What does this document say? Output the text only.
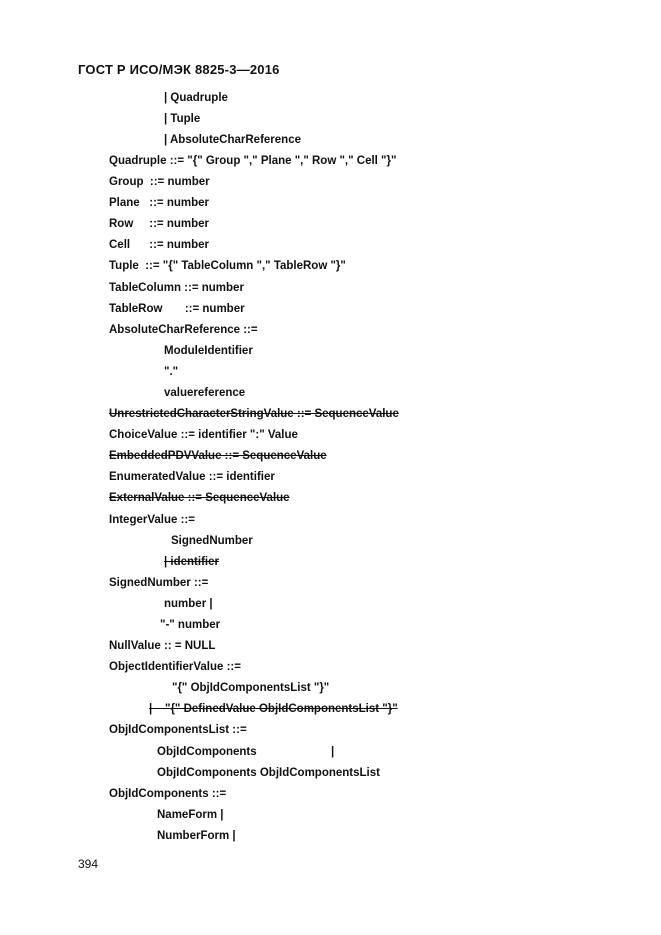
ГОСТ Р ИСО/МЭК 8825-3—2016
| Quadruple
| Tuple
| AbsoluteCharReference
Quadruple ::= "{" Group "," Plane "," Row "," Cell "}"
Group  ::= number
Plane   ::= number
Row     ::= number
Cell      ::= number
Tuple  ::= "{" TableColumn "," TableRow "}"
TableColumn ::= number
TableRow       ::= number
AbsoluteCharReference ::=
ModuleIdentifier
"."
valuereference
UnrestrictedCharacterStringValue ::= SequenceValue
ChoiceValue ::= identifier ":" Value
EmbeddedPDVValue ::= SequenceValue
EnumeratedValue ::= identifier
ExternalValue ::= SequenceValue
IntegerValue ::=
SignedNumber
| identifier
SignedNumber ::=
number |
"-" number
NullValue :: = NULL
ObjectIdentifierValue ::=
"{" ObjIdComponentsList "}"
|    "{" DefinedValue ObjIdComponentsList "}"
ObjIdComponentsList ::=
ObjIdComponents	|
ObjIdComponents ObjIdComponentsList
ObjIdComponents ::=
NameForm |
NumberForm |
394
